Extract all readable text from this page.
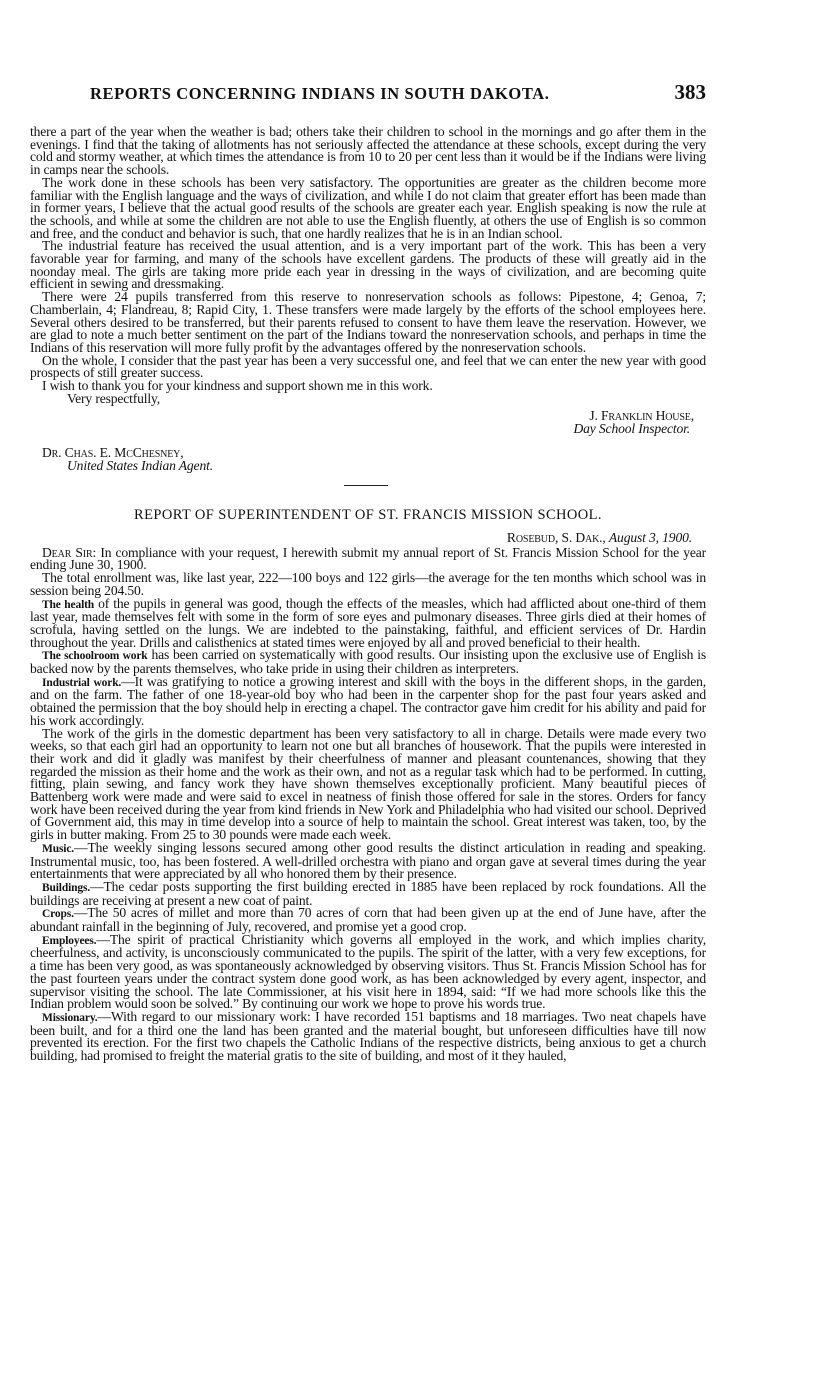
REPORTS CONCERNING INDIANS IN SOUTH DAKOTA.	383

there a part of the year when the weather is bad; others take their children to school in the mornings and go after them in the evenings. I find that the taking of allotments has not seriously affected the attendance at these schools, except during the very cold and stormy weather, at which times the attendance is from 10 to 20 per cent less than it would be if the Indians were living in camps near the schools.

The work done in these schools has been very satisfactory. The opportunities are greater as the children become more familiar with the English language and the ways of civilization, and while I do not claim that greater effort has been made than in former years, I believe that the actual good results of the schools are greater each year. English speaking is now the rule at the schools, and while at some the children are not able to use the English fluently, at others the use of English is so common and free, and the conduct and behavior is such, that one hardly realizes that he is in an Indian school.

The industrial feature has received the usual attention, and is a very important part of the work. This has been a very favorable year for farming, and many of the schools have excellent gardens. The products of these will greatly aid in the noonday meal. The girls are taking more pride each year in dressing in the ways of civilization, and are becoming quite efficient in sewing and dressmaking.

There were 24 pupils transferred from this reserve to nonreservation schools as follows: Pipestone, 4; Genoa, 7; Chamberlain, 4; Flandreau, 8; Rapid City, 1. These transfers were made largely by the efforts of the school employees here. Several others desired to be transferred, but their parents refused to consent to have them leave the reservation. However, we are glad to note a much better sentiment on the part of the Indians toward the nonreservation schools, and perhaps in time the Indians of this reservation will more fully profit by the advantages offered by the nonreservation schools.

On the whole, I consider that the past year has been a very successful one, and feel that we can enter the new year with good prospects of still greater success.

I wish to thank you for your kindness and support shown me in this work.

Very respectfully,

J. Franklin House,

Day School Inspector.

Dr. Chas. E. McChesney,

United States Indian Agent.

REPORT OF SUPERINTENDENT OF ST. FRANCIS MISSION SCHOOL.

Rosebud, S. Dak., August 3, 1900.

Dear Sir: In compliance with your request, I herewith submit my annual report of St. Francis Mission School for the year ending June 30, 1900.

The total enrollment was, like last year, 222—100 boys and 122 girls—the average for the ten months which school was in session being 204.50.

The health of the pupils in general was good, though the effects of the measles, which had afflicted about one-third of them last year, made themselves felt with some in the form of sore eyes and pulmonary diseases. Three girls died at their homes of scrofula, having settled on the lungs. We are indebted to the painstaking, faithful, and efficient services of Dr. Hardin throughout the year. Drills and calisthenics at stated times were enjoyed by all and proved beneficial to their health.

The schoolroom work has been carried on systematically with good results. Our insisting upon the exclusive use of English is backed now by the parents themselves, who take pride in using their children as interpreters.

Industrial work.—It was gratifying to notice a growing interest and skill with the boys in the different shops, in the garden, and on the farm. The father of one 18-year-old boy who had been in the carpenter shop for the past four years asked and obtained the permission that the boy should help in erecting a chapel. The contractor gave him credit for his ability and paid for his work accordingly.

The work of the girls in the domestic department has been very satisfactory to all in charge. Details were made every two weeks, so that each girl had an opportunity to learn not one but all branches of housework. That the pupils were interested in their work and did it gladly was manifest by their cheerfulness of manner and pleasant countenances, showing that they regarded the mission as their home and the work as their own, and not as a regular task which had to be performed. In cutting, fitting, plain sewing, and fancy work they have shown themselves exceptionally proficient. Many beautiful pieces of Battenberg work were made and were said to excel in neatness of finish those offered for sale in the stores. Orders for fancy work have been received during the year from kind friends in New York and Philadelphia who had visited our school. Deprived of Government aid, this may in time develop into a source of help to maintain the school. Great interest was taken, too, by the girls in butter making. From 25 to 30 pounds were made each week.

Music.—The weekly singing lessons secured among other good results the distinct articulation in reading and speaking. Instrumental music, too, has been fostered. A well-drilled orchestra with piano and organ gave at several times during the year entertainments that were appreciated by all who honored them by their presence.

Buildings.—The cedar posts supporting the first building erected in 1885 have been replaced by rock foundations. All the buildings are receiving at present a new coat of paint.

Crops.—The 50 acres of millet and more than 70 acres of corn that had been given up at the end of June have, after the abundant rainfall in the beginning of July, recovered, and promise yet a good crop.

Employees.—The spirit of practical Christianity which governs all employed in the work, and which implies charity, cheerfulness, and activity, is unconsciously communicated to the pupils. The spirit of the latter, with a very few exceptions, for a time has been very good, as was spontaneously acknowledged by observing visitors. Thus St. Francis Mission School has for the past fourteen years under the contract system done good work, as has been acknowledged by every agent, inspector, and supervisor visiting the school. The late Commissioner, at his visit here in 1894, said: “If we had more schools like this the Indian problem would soon be solved.” By continuing our work we hope to prove his words true.

Missionary.—With regard to our missionary work: I have recorded 151 baptisms and 18 marriages. Two neat chapels have been built, and for a third one the land has been granted and the material bought, but unforeseen difficulties have till now prevented its erection. For the first two chapels the Catholic Indians of the respective districts, being anxious to get a church building, had promised to freight the material gratis to the site of building, and most of it they hauled,
